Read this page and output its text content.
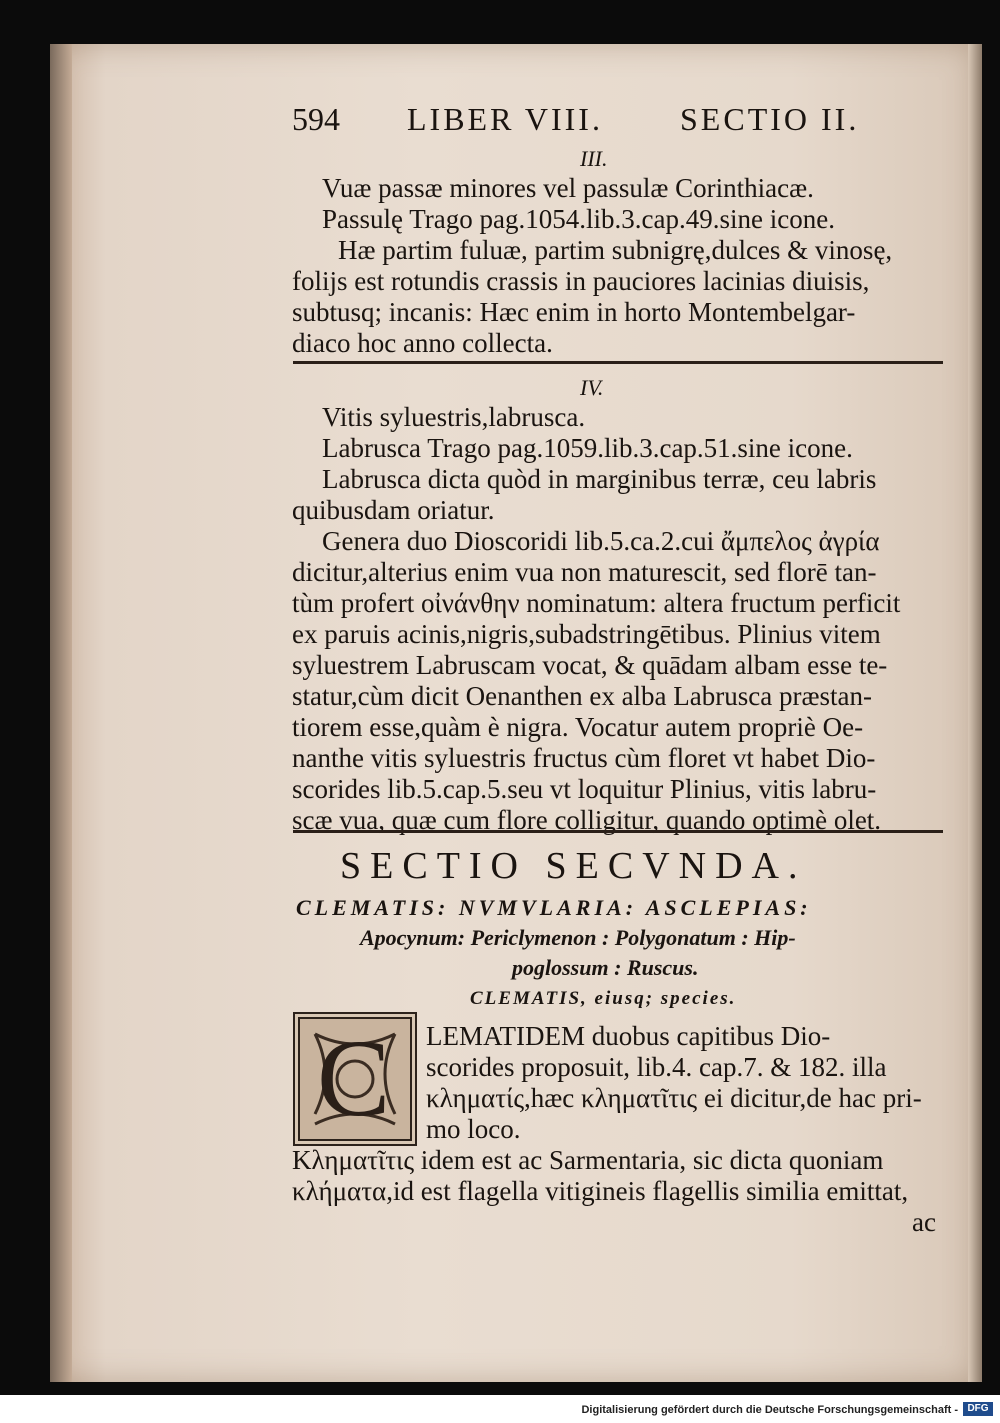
594 LIBER VIII. SECTIO II.
III.
Vuæ passæ minores vel passulæ Corinthiacæ.
Passulę Trago pag.1054.lib.3.cap.49.sine icone.
Hæ partim fuluæ, partim subnigrę,dulces & vinosę,
folijs est rotundis crassis in pauciores lacinias diuisis,
subtusq; incanis: Hæc enim in horto Montembelgar-
diaco hoc anno collecta.
IV.
Vitis syluestris,labrusca.
Labrusca Trago pag.1059.lib.3.cap.51.sine icone.
Labrusca dicta quòd in marginibus terræ, ceu labris
quibusdam oriatur.
Genera duo Dioscoridi lib.5.ca.2.cui ἄμπελος ἀγρία
dicitur,alterius enim vua non maturescit, sed florē tan-
tùm profert οἰνάνθην nominatum: altera fructum perficit
ex paruis acinis,nigris,subadstringētibus. Plinius vitem
syluestrem Labruscam vocat, & quādam albam esse te-
statur,cùm dicit Oenanthen ex alba Labrusca præstan-
tiorem esse,quàm è nigra. Vocatur autem propriè Oe-
nanthe vitis syluestris fructus cùm floret vt habet Dio-
scorides lib.5.cap.5.seu vt loquitur Plinius, vitis labru-
scæ vua, quæ cum flore colligitur, quando optimè olet.
SECTIO SECVNDA.
CLEMATIS: NVMVLARIA: ASCLEPIAS:
Apocynum: Periclymenon : Polygonatum : Hip-
poglossum : Ruscus.
CLEMATIS, eiusq; species.
C LEMATIDEM duobus capitibus Dio-
scorides proposuit, lib.4. cap.7. & 182. illa
κληματίς,hæc κληματῖτις ei dicitur,de hac pri-
mo loco.
Κληματῖτις idem est ac Sarmentaria, sic dicta quoniam
κλήματα,id est flagella vitigineis flagellis similia emittat,
ac
Digitalisierung gefördert durch die Deutsche Forschungsgemeinschaft - DFG
